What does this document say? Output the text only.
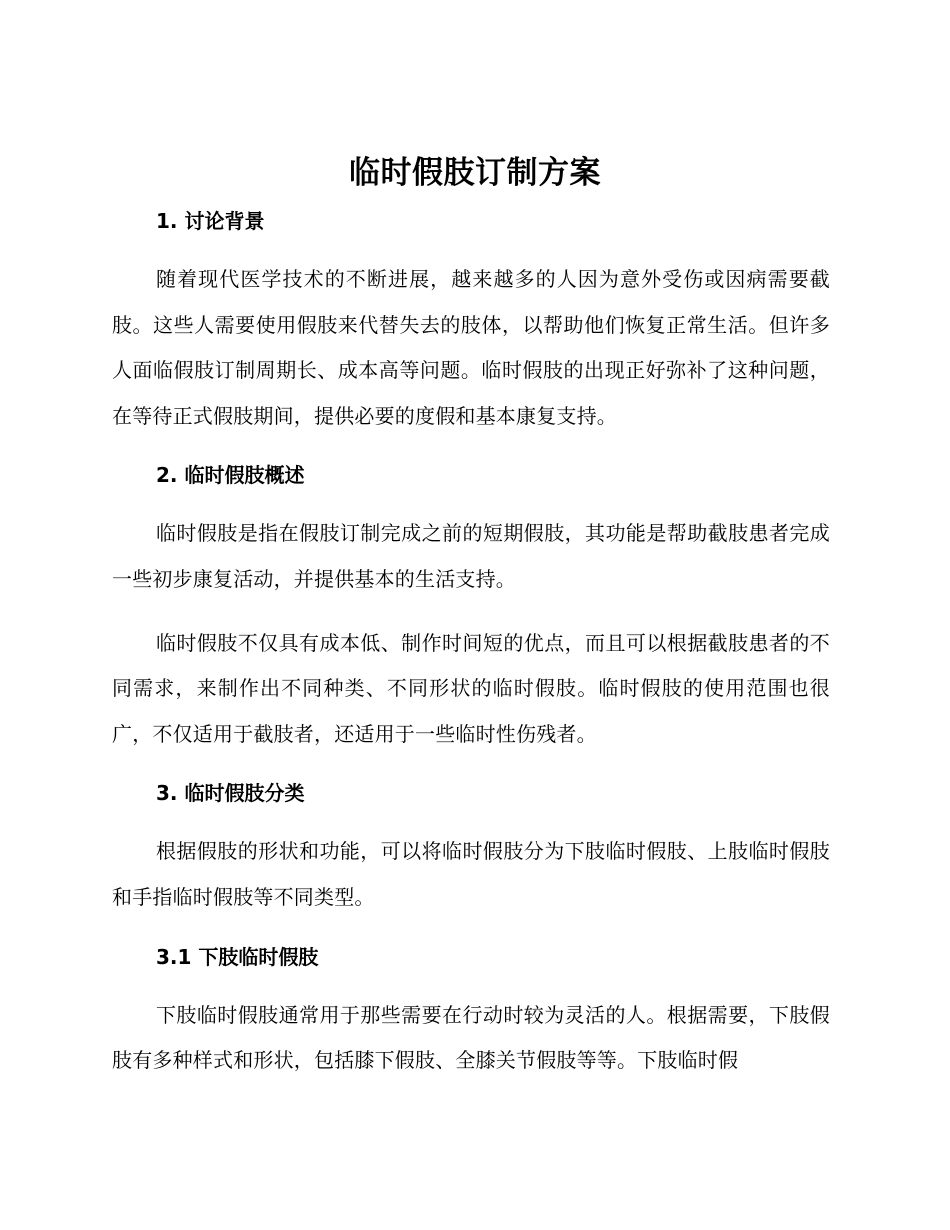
临时假肢订制方案
1. 讨论背景

随着现代医学技术的不断进展，越来越多的人因为意外受伤或因病需要截肢。这些人需要使用假肢来代替失去的肢体，以帮助他们恢复正常生活。但许多人面临假肢订制周期长、成本高等问题。临时假肢的出现正好弥补了这种问题，在等待正式假肢期间，提供必要的度假和基本康复支持。

2. 临时假肢概述

临时假肢是指在假肢订制完成之前的短期假肢，其功能是帮助截肢患者完成一些初步康复活动，并提供基本的生活支持。

临时假肢不仅具有成本低、制作时间短的优点，而且可以根据截肢患者的不同需求，来制作出不同种类、不同形状的临时假肢。临时假肢的使用范围也很广，不仅适用于截肢者，还适用于一些临时性伤残者。

3. 临时假肢分类

根据假肢的形状和功能，可以将临时假肢分为下肢临时假肢、上肢临时假肢和手指临时假肢等不同类型。

3.1 下肢临时假肢

下肢临时假肢通常用于那些需要在行动时较为灵活的人。根据需要，下肢假肢有多种样式和形状，包括膝下假肢、全膝关节假肢等等。下肢临时假
